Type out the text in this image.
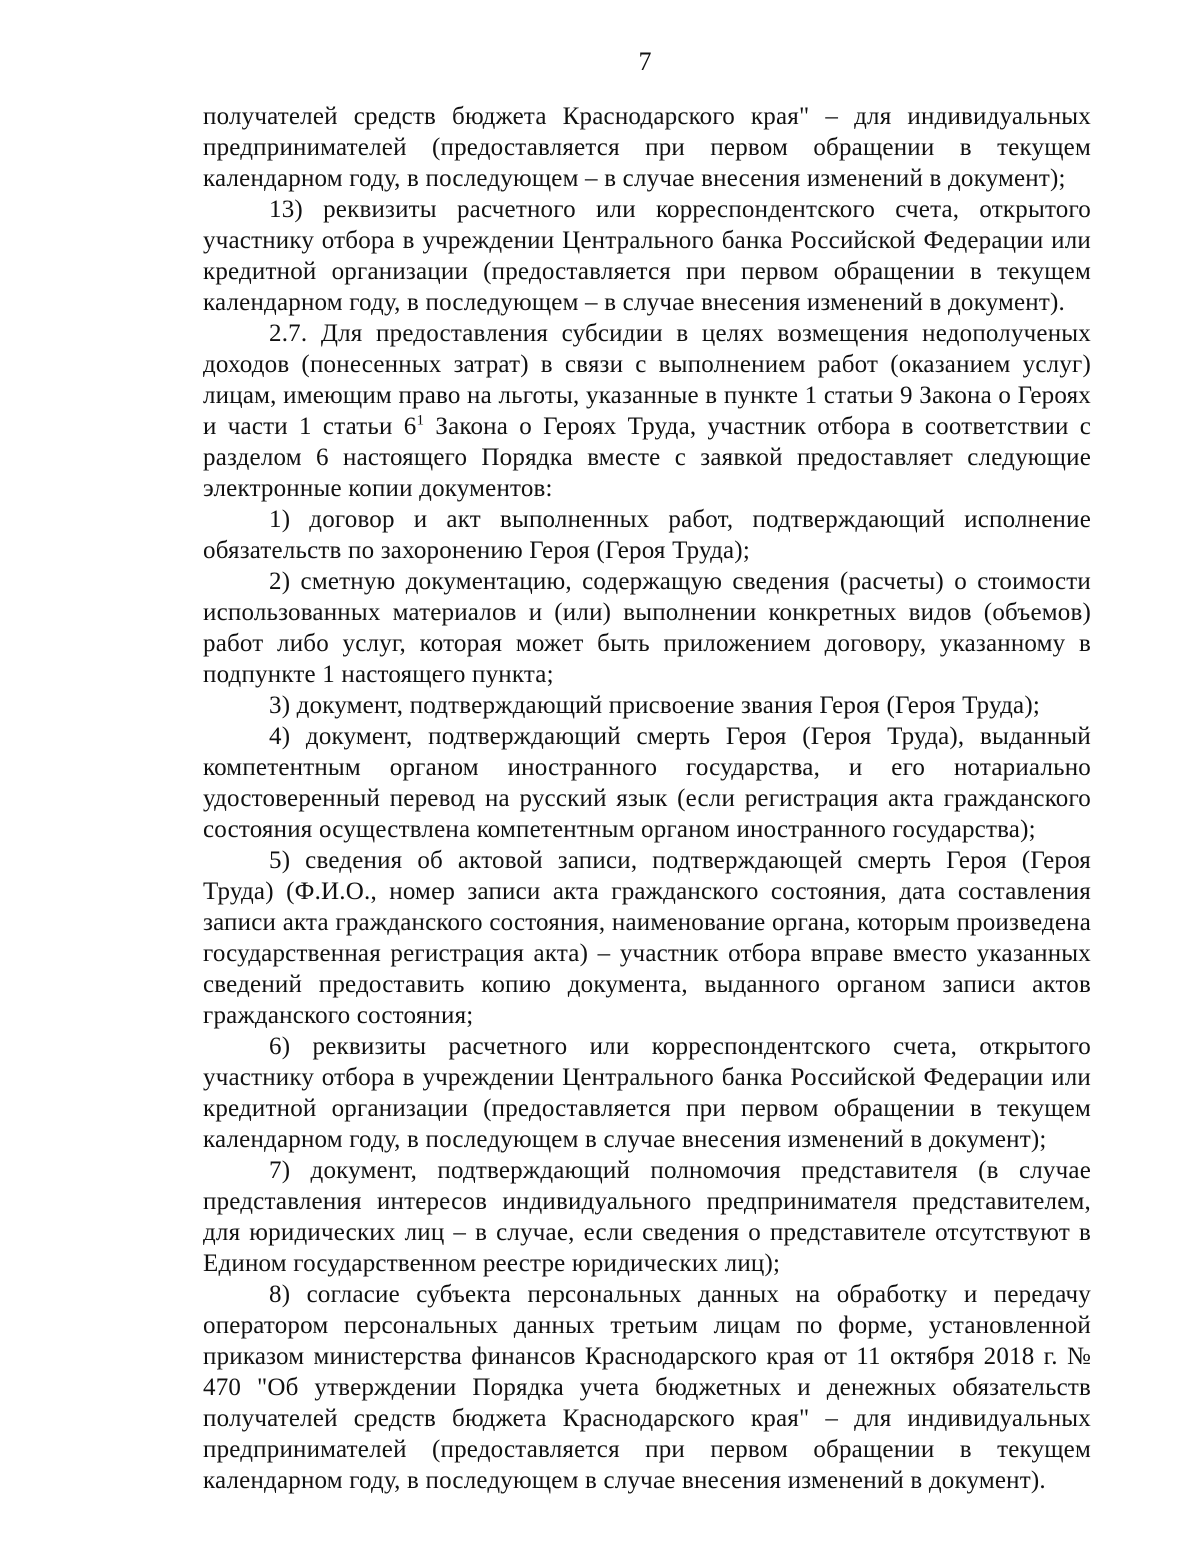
7

получателей средств бюджета Краснодарского края" – для индивидуальных предпринимателей (предоставляется при первом обращении в текущем календарном году, в последующем – в случае внесения изменений в документ);

13) реквизиты расчетного или корреспондентского счета, открытого участнику отбора в учреждении Центрального банка Российской Федерации или кредитной организации (предоставляется при первом обращении в текущем календарном году, в последующем – в случае внесения изменений в документ).

2.7. Для предоставления субсидии в целях возмещения недополученых доходов (понесенных затрат) в связи с выполнением работ (оказанием услуг) лицам, имеющим право на льготы, указанные в пункте 1 статьи 9 Закона о Героях и части 1 статьи $6^1$ Закона о Героях Труда, участник отбора в соответствии с разделом 6 настоящего Порядка вместе с заявкой предоставляет следующие электронные копии документов:

1) договор и акт выполненных работ, подтверждающий исполнение обязательств по захоронению Героя (Героя Труда);

2) сметную документацию, содержащую сведения (расчеты) о стоимости использованных материалов и (или) выполнении конкретных видов (объемов) работ либо услуг, которая может быть приложением договору, указанному в подпункте 1 настоящего пункта;

3) документ, подтверждающий присвоение звания Героя (Героя Труда);

4) документ, подтверждающий смерть Героя (Героя Труда), выданный компетентным органом иностранного государства, и его нотариально удостоверенный перевод на русский язык (если регистрация акта гражданского состояния осуществлена компетентным органом иностранного государства);

5) сведения об актовой записи, подтверждающей смерть Героя (Героя Труда) (Ф.И.О., номер записи акта гражданского состояния, дата составления записи акта гражданского состояния, наименование органа, которым произведена государственная регистрация акта) – участник отбора вправе вместо указанных сведений предоставить копию документа, выданного органом записи актов гражданского состояния;

6) реквизиты расчетного или корреспондентского счета, открытого участнику отбора в учреждении Центрального банка Российской Федерации или кредитной организации (предоставляется при первом обращении в текущем календарном году, в последующем в случае внесения изменений в документ);

7) документ, подтверждающий полномочия представителя (в случае представления интересов индивидуального предпринимателя представителем, для юридических лиц – в случае, если сведения о представителе отсутствуют в Едином государственном реестре юридических лиц);

8) согласие субъекта персональных данных на обработку и передачу оператором персональных данных третьим лицам по форме, установленной приказом министерства финансов Краснодарского края от 11 октября 2018 г. № 470 "Об утверждении Порядка учета бюджетных и денежных обязательств получателей средств бюджета Краснодарского края" – для индивидуальных предпринимателей (предоставляется при первом обращении в текущем календарном году, в последующем в случае внесения изменений в документ).
